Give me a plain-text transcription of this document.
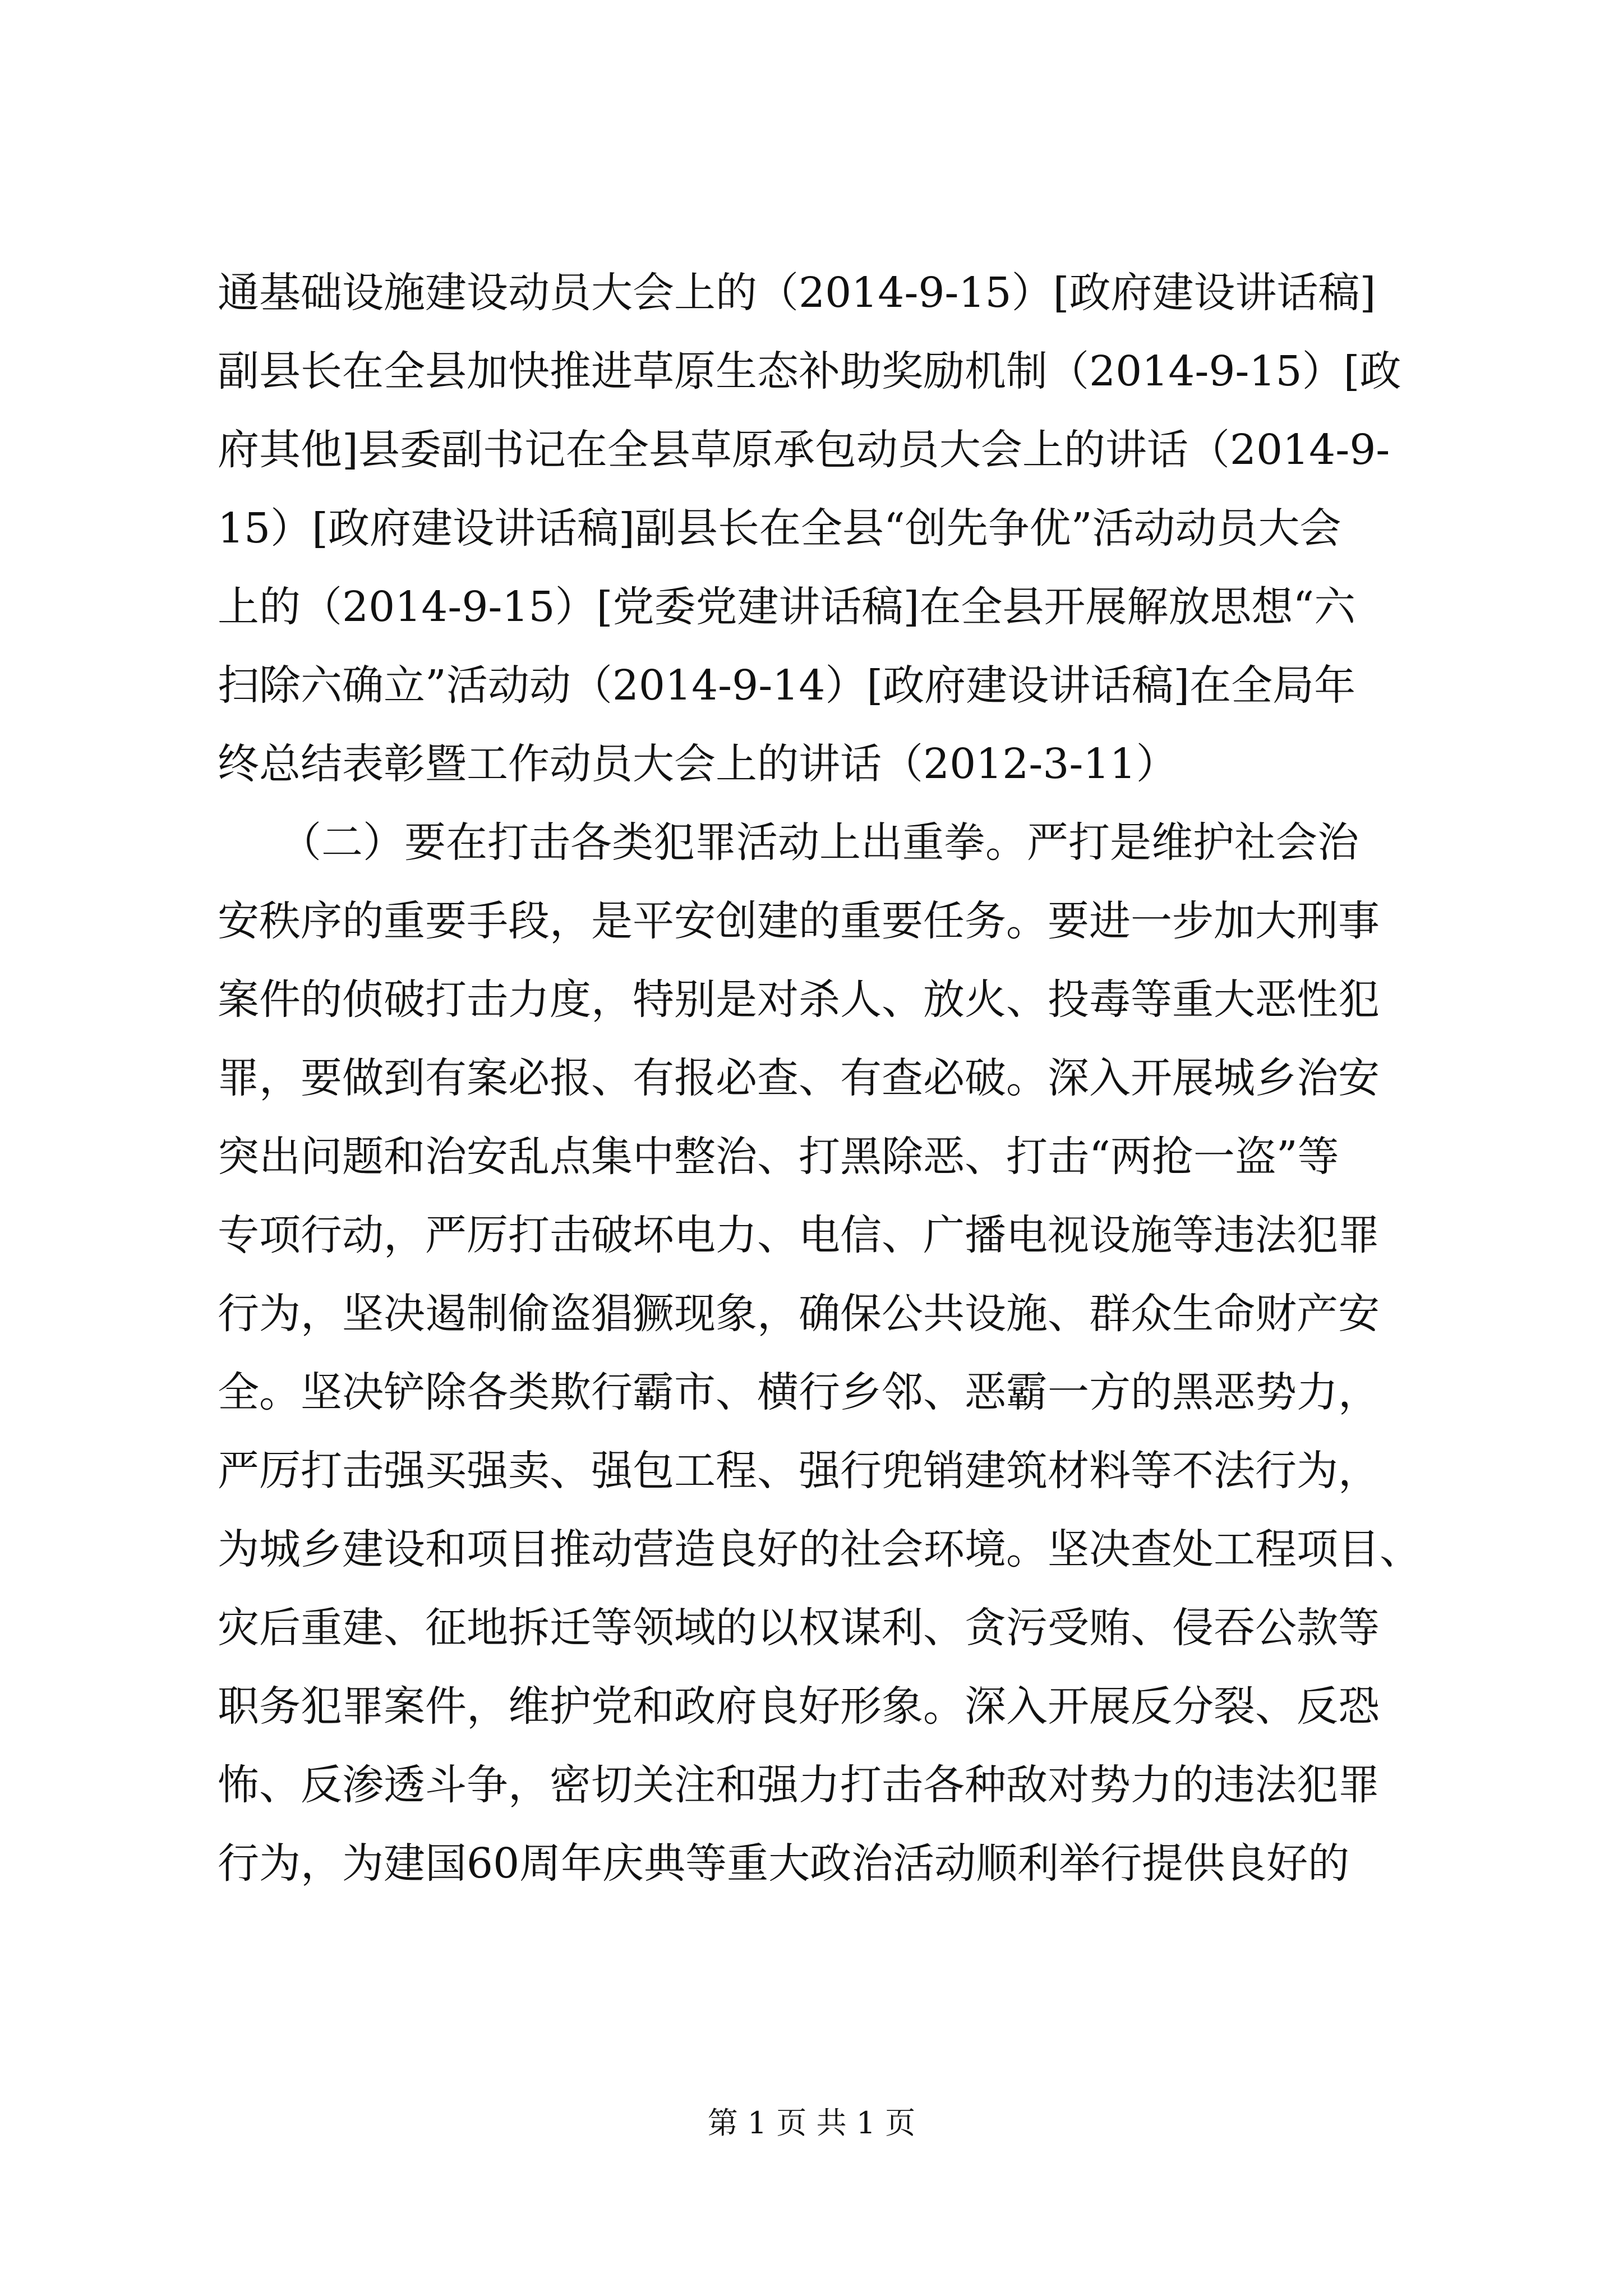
通基础设施建设动员大会上的（2014-9-15）[政府建设讲话稿]
副县长在全县加快推进草原生态补助奖励机制（2014-9-15）[政
府其他]县委副书记在全县草原承包动员大会上的讲话（2014-9-
15）[政府建设讲话稿]副县长在全县“创先争优”活动动员大会
上的（2014-9-15）[党委党建讲话稿]在全县开展解放思想“六
扫除六确立”活动动（2014-9-14）[政府建设讲话稿]在全局年
终总结表彰暨工作动员大会上的讲话（2012-3-11）
　　（二）要在打击各类犯罪活动上出重拳。严打是维护社会治
安秩序的重要手段，是平安创建的重要任务。要进一步加大刑事
案件的侦破打击力度，特别是对杀人、放火、投毒等重大恶性犯
罪，要做到有案必报、有报必查、有查必破。深入开展城乡治安
突出问题和治安乱点集中整治、打黑除恶、打击“两抢一盗”等
专项行动，严厉打击破坏电力、电信、广播电视设施等违法犯罪
行为，坚决遏制偷盗猖獗现象，确保公共设施、群众生命财产安
全。坚决铲除各类欺行霸市、横行乡邻、恶霸一方的黑恶势力，
严厉打击强买强卖、强包工程、强行兜销建筑材料等不法行为，
为城乡建设和项目推动营造良好的社会环境。坚决查处工程项目、
灾后重建、征地拆迁等领域的以权谋利、贪污受贿、侵吞公款等
职务犯罪案件，维护党和政府良好形象。深入开展反分裂、反恐
怖、反渗透斗争，密切关注和强力打击各种敌对势力的违法犯罪
行为，为建国60周年庆典等重大政治活动顺利举行提供良好的
第 1 页 共 1 页
